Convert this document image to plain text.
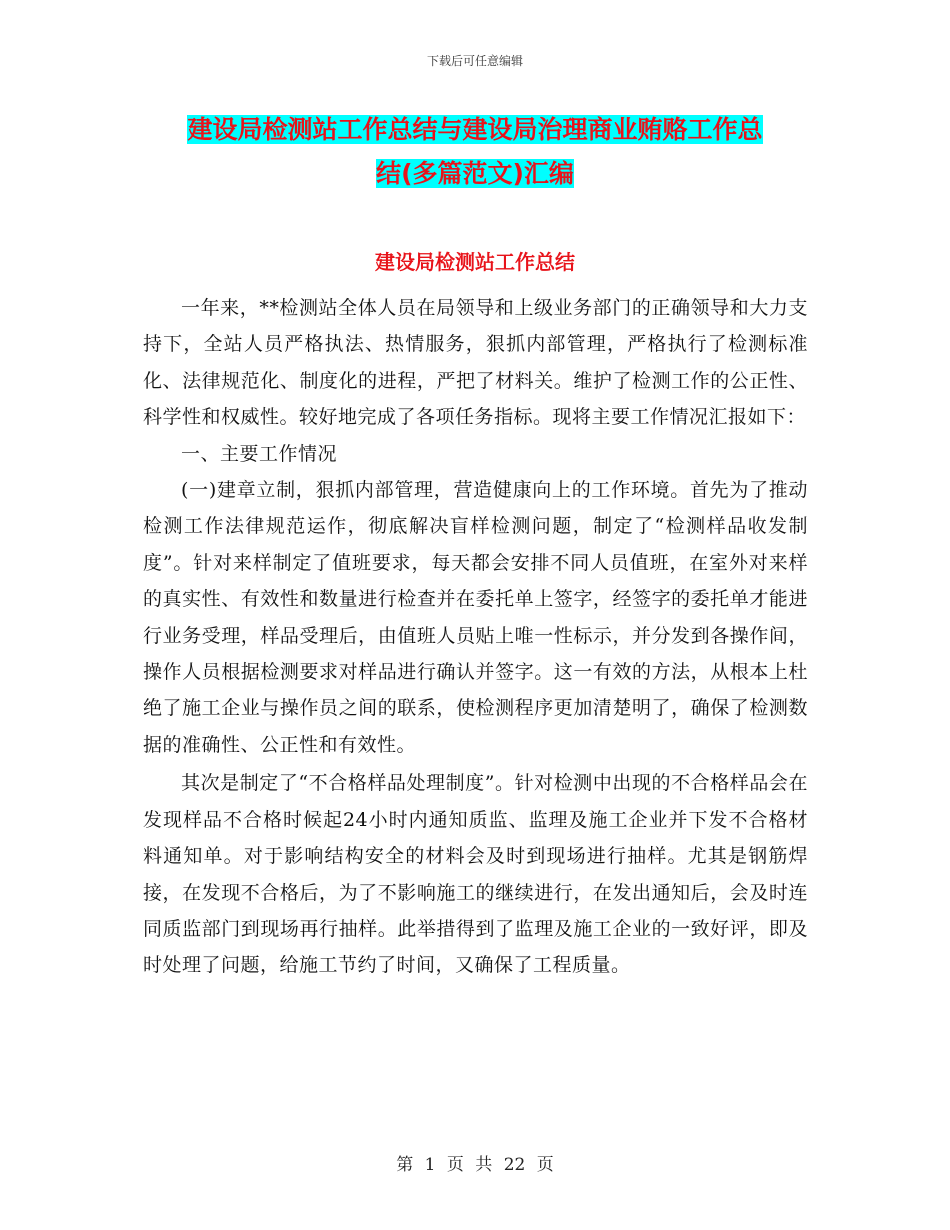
下载后可任意编辑
建设局检测站工作总结与建设局治理商业贿赂工作总
结(多篇范文)汇编
建设局检测站工作总结

一年来，**检测站全体人员在局领导和上级业务部门的正确领导和大力支持下，全站人员严格执法、热情服务，狠抓内部管理，严格执行了检测标准化、法律规范化、制度化的进程，严把了材料关。维护了检测工作的公正性、科学性和权威性。较好地完成了各项任务指标。现将主要工作情况汇报如下：

一、主要工作情况

(一)建章立制，狠抓内部管理，营造健康向上的工作环境。首先为了推动检测工作法律规范运作，彻底解决盲样检测问题，制定了“检测样品收发制度”。针对来样制定了值班要求，每天都会安排不同人员值班，在室外对来样的真实性、有效性和数量进行检查并在委托单上签字，经签字的委托单才能进行业务受理，样品受理后，由值班人员贴上唯一性标示，并分发到各操作间，操作人员根据检测要求对样品进行确认并签字。这一有效的方法，从根本上杜绝了施工企业与操作员之间的联系，使检测程序更加清楚明了，确保了检测数据的准确性、公正性和有效性。

其次是制定了“不合格样品处理制度”。针对检测中出现的不合格样品会在发现样品不合格时候起24小时内通知质监、监理及施工企业并下发不合格材料通知单。对于影响结构安全的材料会及时到现场进行抽样。尤其是钢筋焊接，在发现不合格后，为了不影响施工的继续进行，在发出通知后，会及时连同质监部门到现场再行抽样。此举措得到了监理及施工企业的一致好评，即及时处理了问题，给施工节约了时间，又确保了工程质量。

第 1 页 共 22 页
